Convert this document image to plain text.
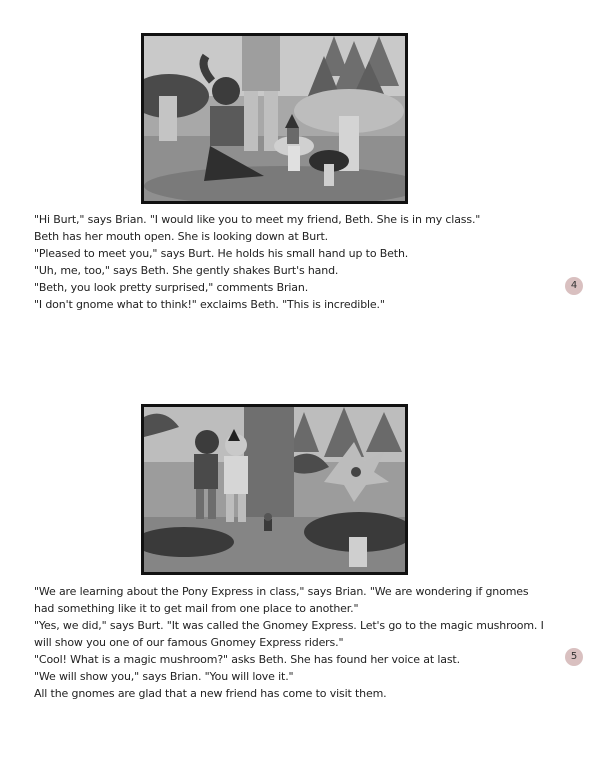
"Hi Burt," says Brian. "I would like you to meet my friend, Beth. She is in my class."

Beth has her mouth open. She is looking down at Burt.

"Pleased to meet you," says Burt. He holds his small hand up to Beth.

"Uh, me, too," says Beth. She gently shakes Burt's hand.

"Beth, you look pretty surprised," comments Brian.

"I don't gnome what to think!" exclaims Beth. "This is incredible."

4

"We are learning about the Pony Express in class," says Brian. "We are wondering if gnomes

had something like it to get mail from one place to another."

"Yes, we did," says Burt. "It was called the Gnomey Express. Let's go to the magic mushroom. I

will show you one of our famous Gnomey Express riders."

"Cool! What is a magic mushroom?" asks Beth. She has found her voice at last.

"We will show you," says Brian. "You will love it."

All the gnomes are glad that a new friend has come to visit them.

5
